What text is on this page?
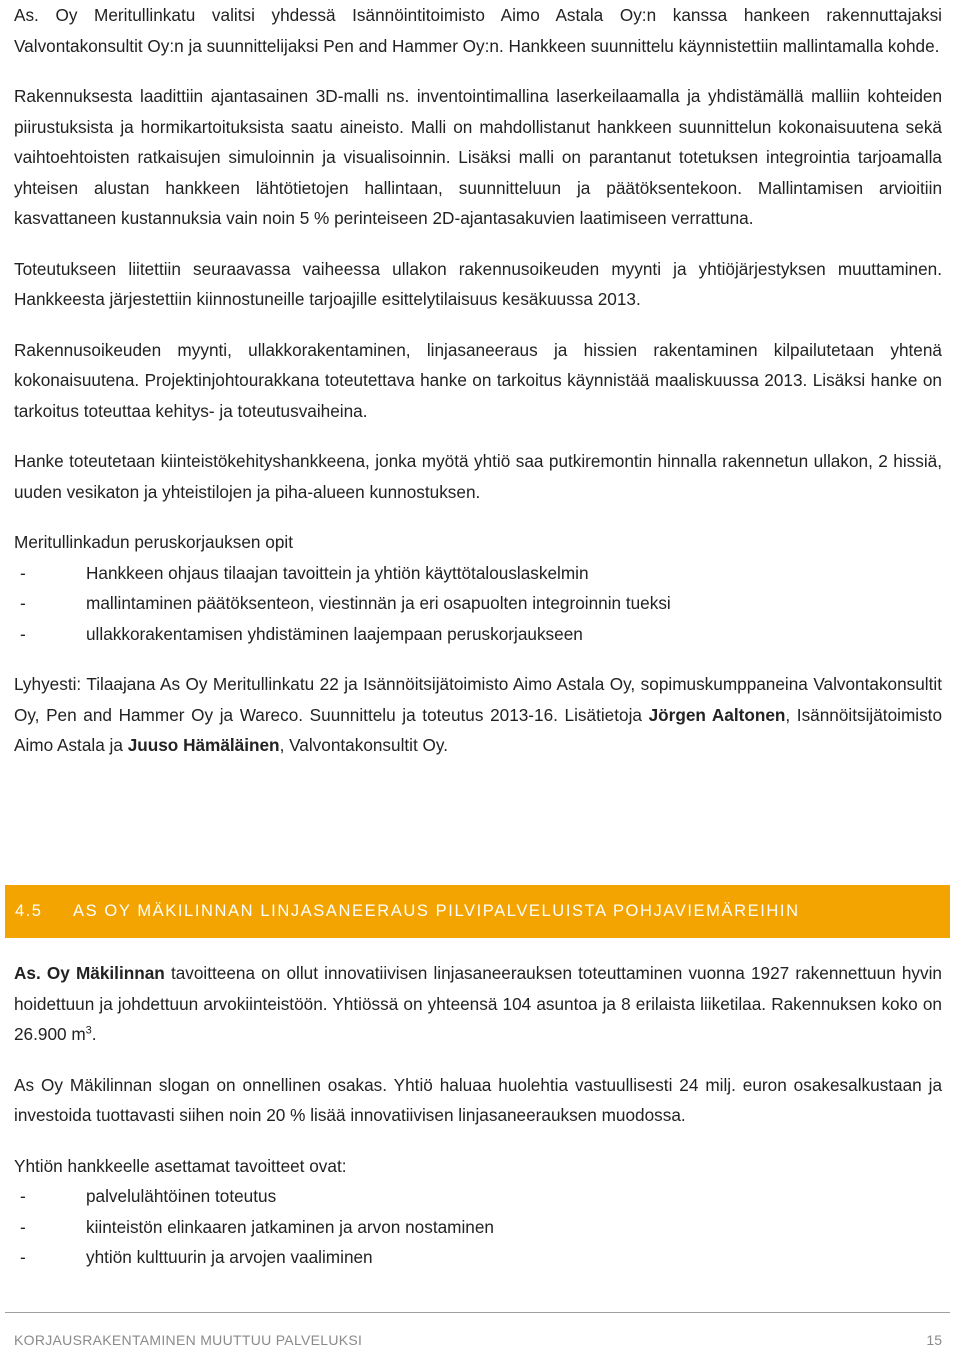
As. Oy Meritullinkatu valitsi yhdessä Isännöintitoimisto Aimo Astala Oy:n kanssa hankeen rakennuttajaksi Valvontakonsultit Oy:n ja suunnittelijaksi Pen and Hammer Oy:n. Hankkeen suunnittelu käynnistettiin mallintamalla kohde.

Rakennuksesta laadittiin ajantasainen 3D-malli ns. inventointimallina laserkeilaamalla ja yhdistämällä malliin kohteiden piirustuksista ja hormikartoituksista saatu aineisto. Malli on mahdollistanut hankkeen suunnittelun kokonaisuutena sekä vaihtoehtoisten ratkaisujen simuloinnin ja visualisoinnin. Lisäksi malli on parantanut totetuksen integrointia tarjoamalla yhteisen alustan hankkeen lähtötietojen hallintaan, suunnitteluun ja päätöksentekoon. Mallintamisen arvioitiin kasvattaneen kustannuksia vain noin 5 % perinteiseen 2D-ajantasakuvien laatimiseen verrattuna.

Toteutukseen liitettiin seuraavassa vaiheessa ullakon rakennusoikeuden myynti ja yhtiöjärjestyksen muuttaminen. Hankkeesta järjestettiin kiinnostuneille tarjoajille esittelytilaisuus kesäkuussa 2013.

Rakennusoikeuden myynti, ullakkorakentaminen, linjasaneeraus ja hissien rakentaminen kilpailutetaan yhtenä kokonaisuutena. Projektinjohtourakkana toteutettava hanke on tarkoitus käynnistää maaliskuussa 2013. Lisäksi hanke on tarkoitus toteuttaa kehitys- ja toteutusvaiheina.

Hanke toteutetaan kiinteistökehityshankkeena, jonka myötä yhtiö saa putkiremontin hinnalla rakennetun ullakon, 2 hissiä, uuden vesikaton ja yhteistilojen ja piha-alueen kunnostuksen.

Meritullinkadun peruskorjauksen opit

-	Hankkeen ohjaus tilaajan tavoittein ja yhtiön käyttötalouslaskelmin
-	mallintaminen päätöksenteon, viestinnän ja eri osapuolten integroinnin tueksi
-	ullakkorakentamisen yhdistäminen laajempaan peruskorjaukseen

Lyhyesti: Tilaajana As Oy Meritullinkatu 22 ja Isännöitsijätoimisto Aimo Astala Oy, sopimuskumppaneina Valvontakonsultit Oy, Pen and Hammer Oy ja Wareco. Suunnittelu ja toteutus 2013-16. Lisätietoja Jörgen Aaltonen, Isännöitsijätoimisto Aimo Astala ja Juuso Hämäläinen, Valvontakonsultit Oy.

4.5	AS OY MÄKILINNAN LINJASANEERAUS PILVIPALVELUISTA POHJAVIEMÄREIHIN

As. Oy Mäkilinnan tavoitteena on ollut innovatiivisen linjasaneerauksen toteuttaminen vuonna 1927 rakennettuun hyvin hoidettuun ja johdettuun arvokiinteistöön. Yhtiössä on yhteensä 104 asuntoa ja 8 erilaista liiketilaa. Rakennuksen koko on 26.900 $m^3$.

As Oy Mäkilinnan slogan on onnellinen osakas. Yhtiö haluaa huolehtia vastuullisesti 24 milj. euron osakesalkustaan ja investoida tuottavasti siihen noin 20 % lisää innovatiivisen linjasaneerauksen muodossa.

Yhtiön hankkeelle asettamat tavoitteet ovat:

-	palvelulähtöinen toteutus
-	kiinteistön elinkaaren jatkaminen ja arvon nostaminen
-	yhtiön kulttuurin ja arvojen vaaliminen
KORJAUSRAKENTAMINEN MUUTTUU PALVELUKSI	15
